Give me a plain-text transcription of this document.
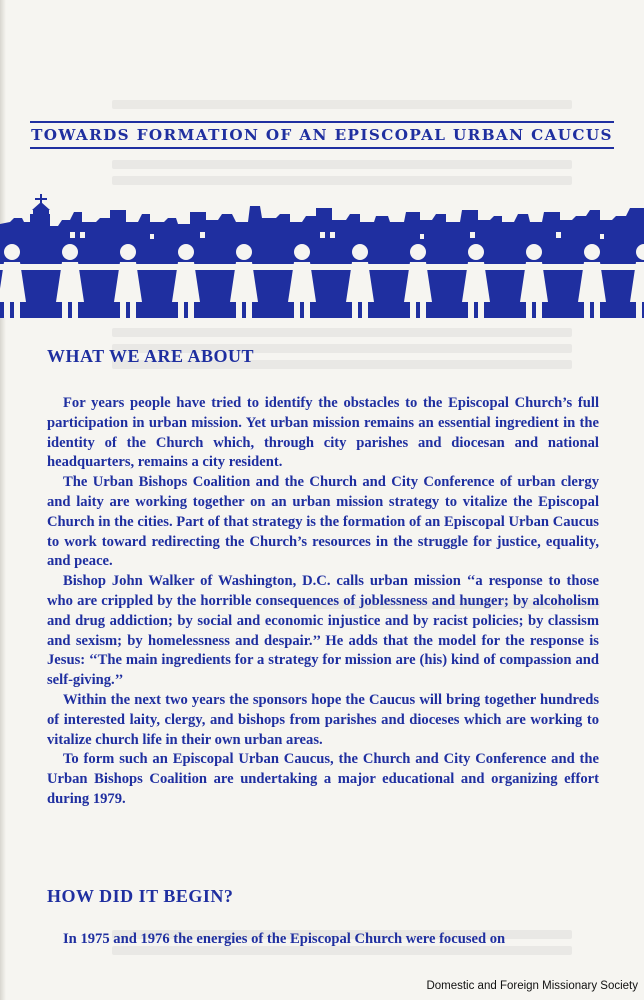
TOWARDS FORMATION OF AN EPISCOPAL URBAN CAUCUS
WHAT WE ARE ABOUT

For years people have tried to identify the obstacles to the Episcopal Church’s full participation in urban mission. Yet urban mission remains an essential ingredient in the identity of the Church which, through city parishes and diocesan and national headquarters, remains a city resident.

The Urban Bishops Coalition and the Church and City Conference of urban clergy and laity are working together on an urban mission strategy to vitalize the Episcopal Church in the cities. Part of that strategy is the formation of an Episcopal Urban Caucus to work toward redirecting the Church’s resources in the struggle for justice, equality, and peace.

Bishop John Walker of Washington, D.C. calls urban mission ‘‘a response to those who are crippled by the horrible consequences of joblessness and hunger; by alcoholism and drug addiction; by social and economic injustice and by racist policies; by classism and sexism; by homelessness and despair.’’ He adds that the model for the response is Jesus: ‘‘The main ingredients for a strategy for mission are (his) kind of compassion and self-giving.’’

Within the next two years the sponsors hope the Caucus will bring together hundreds of interested laity, clergy, and bishops from parishes and dioceses which are working to vitalize church life in their own urban areas.

To form such an Episcopal Urban Caucus, the Church and City Conference and the Urban Bishops Coalition are undertaking a major educational and organizing effort during 1979.

HOW DID IT BEGIN?

In 1975 and 1976 the energies of the Episcopal Church were focused on

Domestic and Foreign Missionary Society
